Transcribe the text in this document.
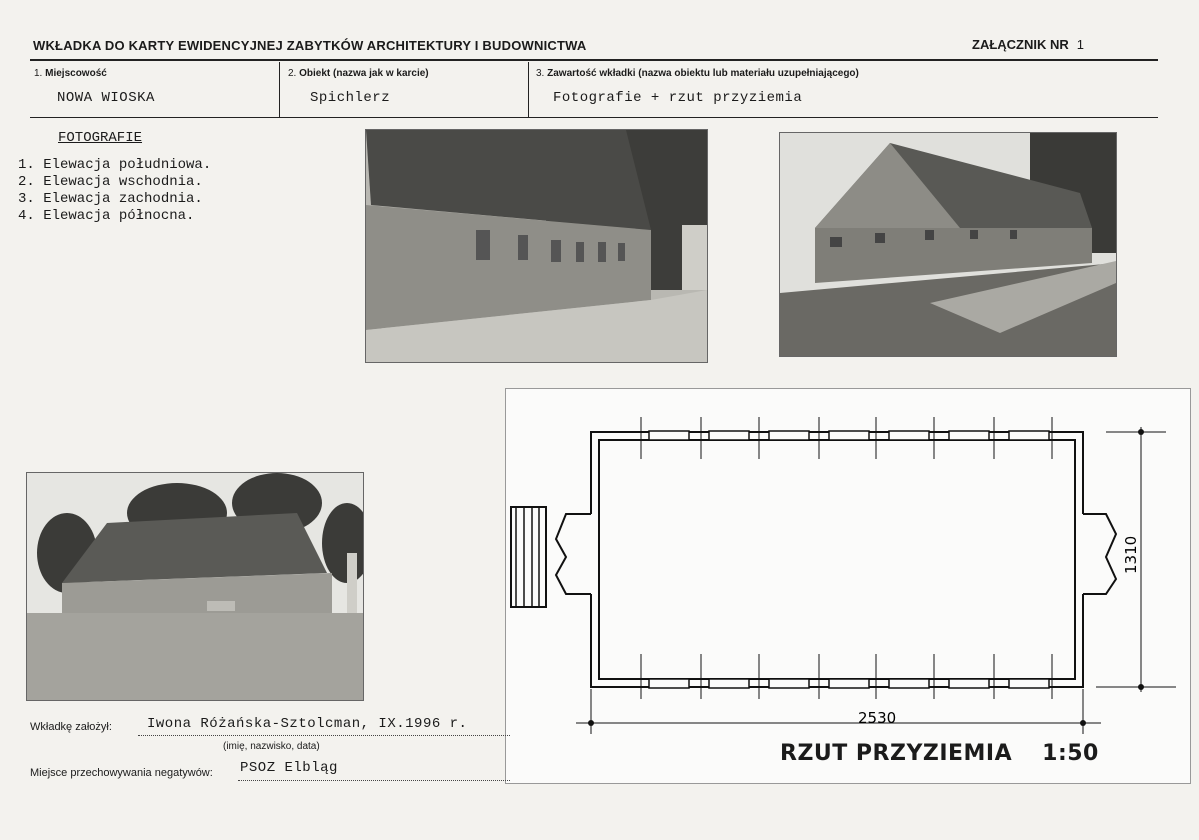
WKŁADKA DO KARTY EWIDENCYJNEJ ZABYTKÓW ARCHITEKTURY I BUDOWNICTWA	ZAŁĄCZNIK NR 1
1. Miejscowość
NOWA WIOSKA
2. Obiekt (nazwa jak w karcie)
Spichlerz
3. Zawartość wkładki (nazwa obiektu lub materiału uzupełniającego)
Fotografie + rzut przyziemia
FOTOGRAFIE
1. Elewacja południowa.
2. Elewacja wschodnia.
3. Elewacja zachodnia.
4. Elewacja północna.
2530
1310
RZUT PRZYZIEMIA 1:50
Wkładkę założył:	Iwona Różańska-Sztolcman, IX.1996 r.
(imię, nazwisko, data)
Miejsce przechowywania negatywów: PSOZ Elbląg
